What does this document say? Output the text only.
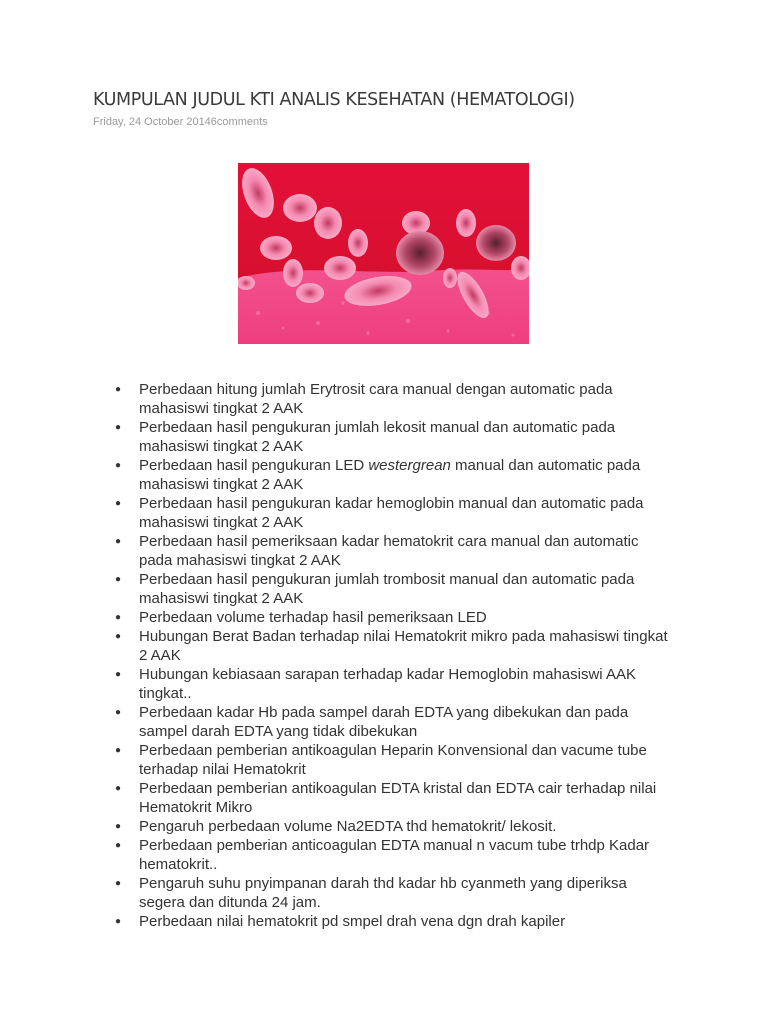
KUMPULAN JUDUL KTI ANALIS KESEHATAN (HEMATOLOGI)
Friday, 24 October 20146comments
● Perbedaan hitung jumlah Erytrosit cara manual dengan automatic pada mahasiswi tingkat 2 AAK
● Perbedaan hasil pengukuran jumlah lekosit manual dan automatic pada mahasiswi tingkat 2 AAK
● Perbedaan hasil pengukuran LED westergrean manual dan automatic pada mahasiswi tingkat 2 AAK
● Perbedaan hasil pengukuran kadar hemoglobin manual dan automatic pada mahasiswi tingkat 2 AAK
● Perbedaan hasil pemeriksaan kadar hematokrit cara manual dan automatic pada mahasiswi tingkat 2 AAK
● Perbedaan hasil pengukuran jumlah trombosit manual dan automatic pada mahasiswi tingkat 2 AAK
● Perbedaan volume terhadap hasil pemeriksaan LED
● Hubungan Berat Badan terhadap nilai Hematokrit mikro pada mahasiswi tingkat 2 AAK
● Hubungan kebiasaan sarapan terhadap kadar Hemoglobin mahasiswi AAK tingkat..
● Perbedaan kadar Hb pada sampel darah EDTA yang dibekukan dan pada sampel darah EDTA yang tidak dibekukan
● Perbedaan pemberian antikoagulan Heparin Konvensional dan vacume tube terhadap nilai Hematokrit
● Perbedaan pemberian antikoagulan EDTA kristal dan EDTA cair terhadap nilai Hematokrit Mikro
● Pengaruh perbedaan volume Na2EDTA thd hematokrit/ lekosit.
● Perbedaan pemberian anticoagulan EDTA manual n vacum tube trhdp Kadar hematokrit..
● Pengaruh suhu pnyimpanan darah thd kadar hb cyanmeth yang diperiksa segera dan ditunda 24 jam.
● Perbedaan nilai hematokrit pd smpel drah vena dgn drah kapiler
